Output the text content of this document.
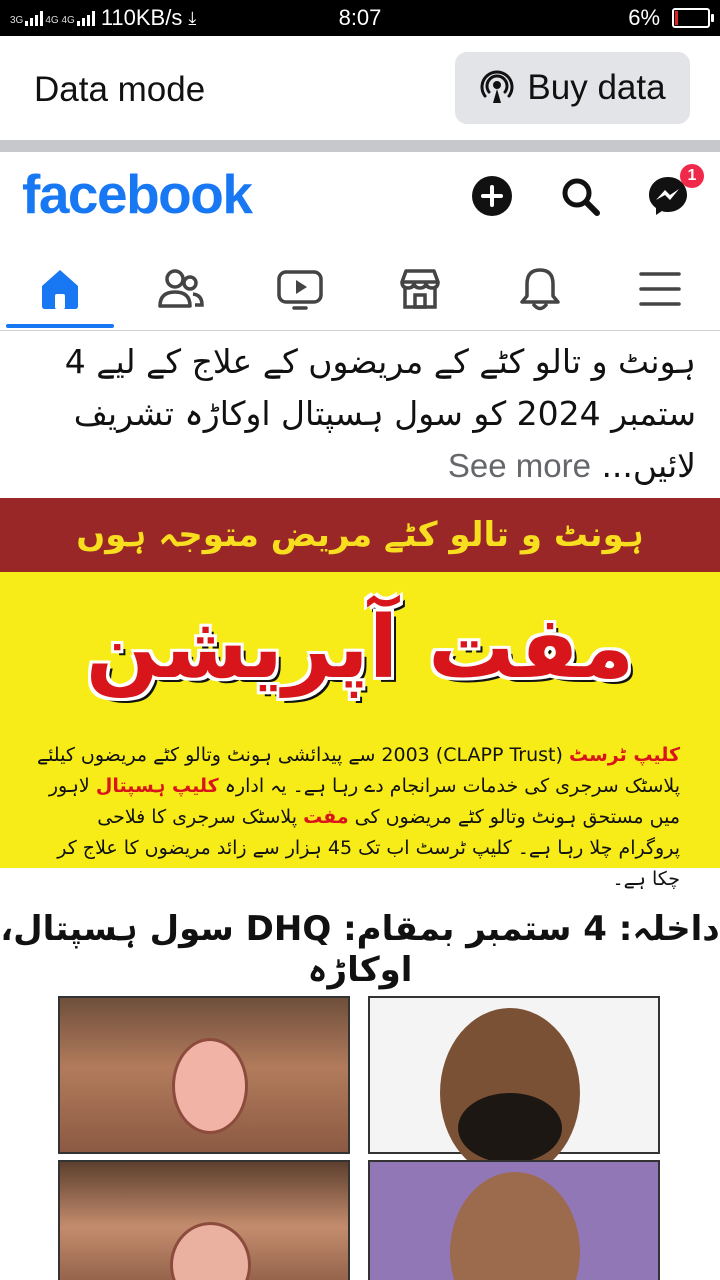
3G 4G 4G 110KB/s ⤓	8:07	6%
Data mode	Buy data
facebook	1
ہونٹ و تالو کٹے کے مریضوں کے علاج کے لیے 4 ستمبر 2024 کو سول ہسپتال اوکاڑہ تشریف لائیں... See more
ہونٹ و تالو کٹے مریض متوجہ ہوں
مفت آپریشن
کلیپ ٹرسٹ (CLAPP Trust) 2003 سے پیدائشی ہونٹ وتالو کٹے مریضوں کیلئے پلاسٹک سرجری کی خدمات سرانجام دے رہا ہے۔ یہ ادارہ کلیپ ہسپتال لاہور میں مستحق ہونٹ وتالو کٹے مریضوں کی مفت پلاسٹک سرجری کا فلاحی پروگرام چلا رہا ہے۔ کلیپ ٹرسٹ اب تک 45 ہزار سے زائد مریضوں کا علاج کر چکا ہے۔
داخلہ: 4 ستمبر بمقام: DHQ سول ہسپتال، اوکاڑہ
